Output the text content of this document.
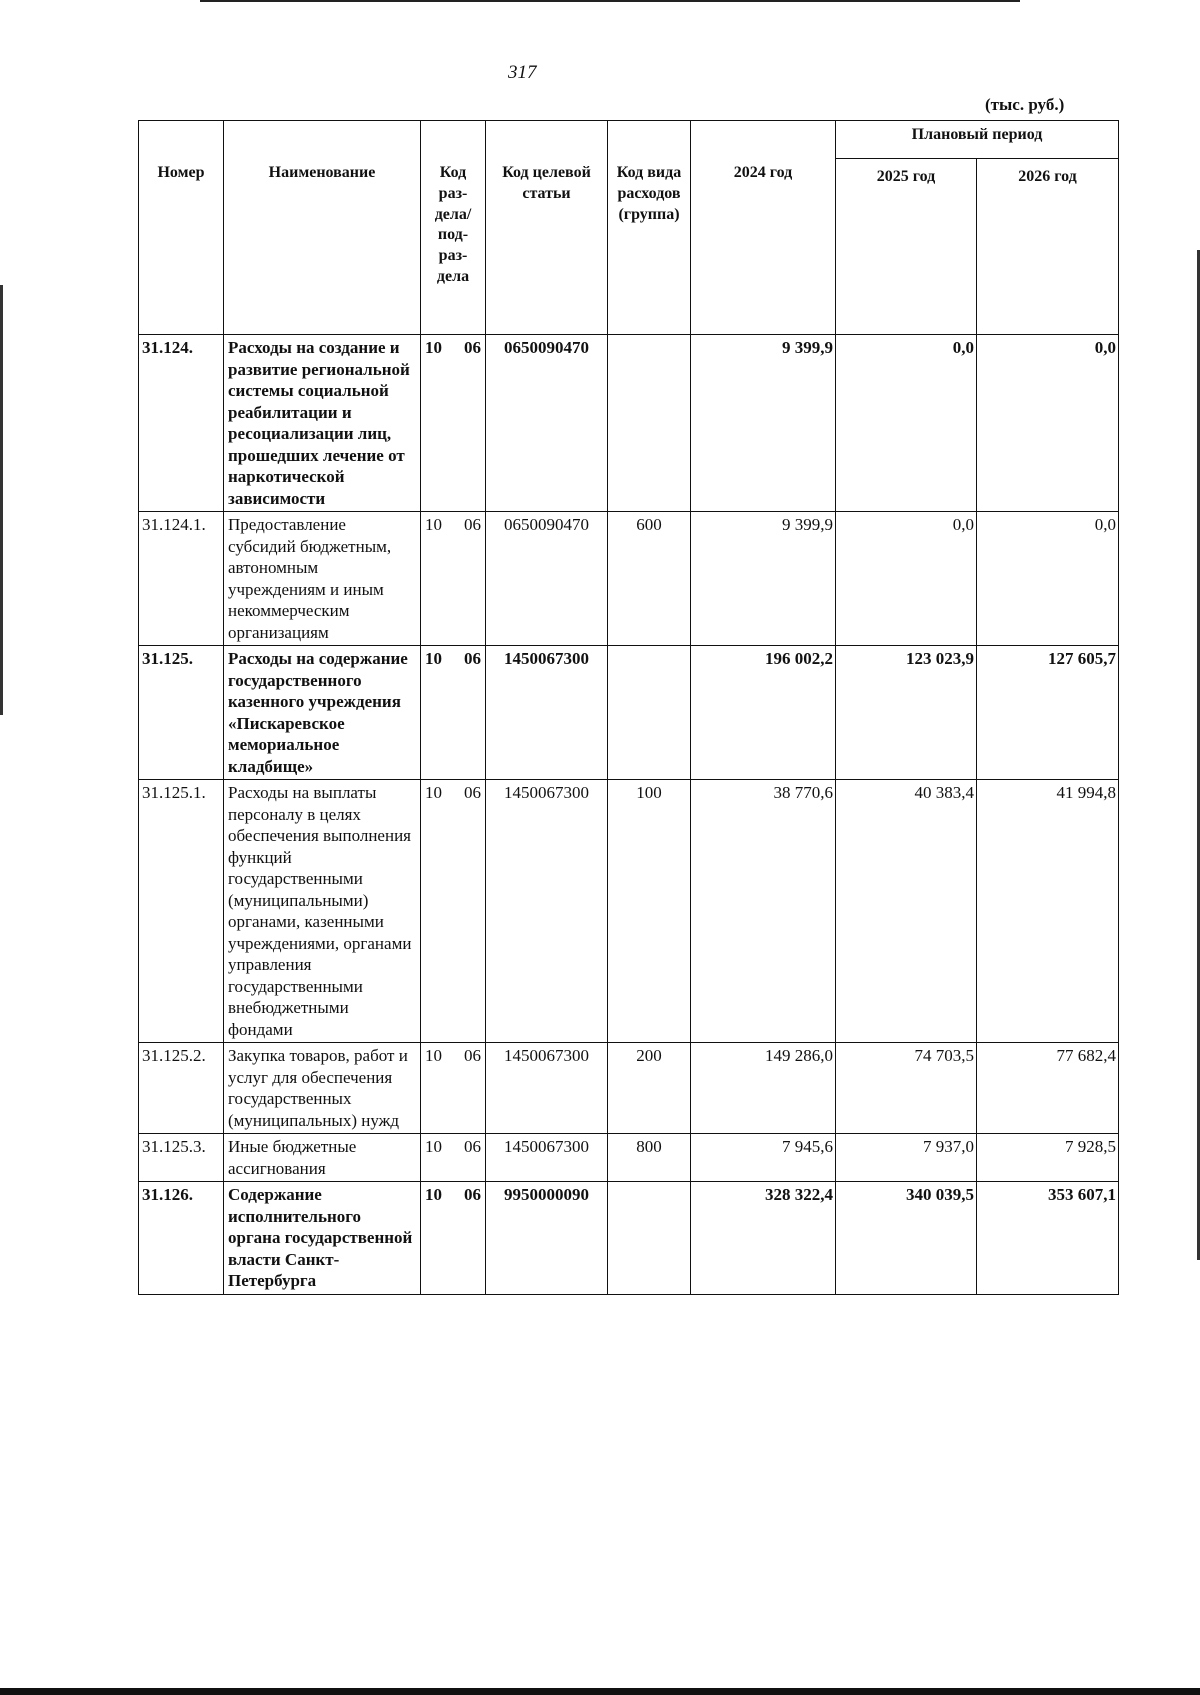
317
(тыс. руб.)
Номер	Наименование	Код раз-дела/ под-раз-дела	Код целевой статьи	Код вида расходов (группа)	2024 год	Плановый период	

						2025 год	2026 год

31.124.	Расходы на создание и развитие региональной системы социальной реабилитации и ресоциализации лиц, прошедших лечение от наркотической зависимости	10 06	0650090470		9 399,9	0,0	0,0

31.124.1.	Предоставление субсидий бюджетным, автономным учреждениям и иным некоммерческим организациям	10 06	0650090470	600	9 399,9	0,0	0,0

31.125.	Расходы на содержание государственного казенного учреждения «Пискаревское мемориальное кладбище»	10 06	1450067300		196 002,2	123 023,9	127 605,7

31.125.1.	Расходы на выплаты персоналу в целях обеспечения выполнения функций государственными (муниципальными) органами, казенными учреждениями, органами управления государственными внебюджетными фондами	10 06	1450067300	100	38 770,6	40 383,4	41 994,8

31.125.2.	Закупка товаров, работ и услуг для обеспечения государственных (муниципальных) нужд	10 06	1450067300	200	149 286,0	74 703,5	77 682,4

31.125.3.	Иные бюджетные ассигнования	10 06	1450067300	800	7 945,6	7 937,0	7 928,5

31.126.	Содержание исполнительного органа государственной власти Санкт-Петербурга	10 06	9950000090		328 322,4	340 039,5	353 607,1
